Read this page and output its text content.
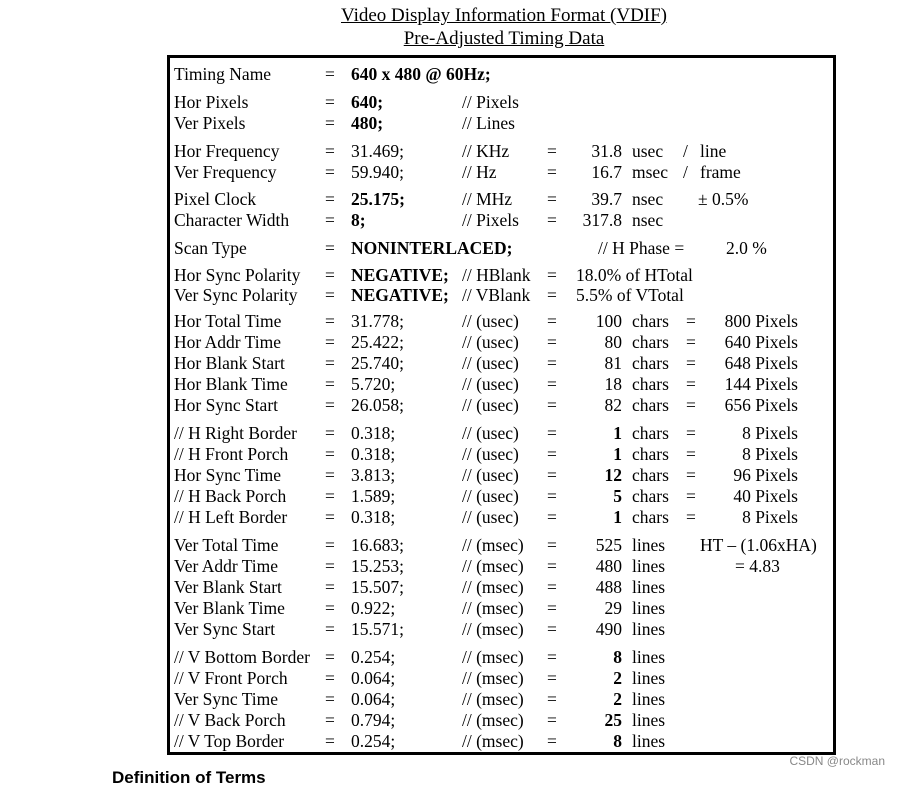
Video Display Information Format (VDIF)
Pre-Adjusted Timing Data
Timing Name	= 640 x 480 @ 60Hz;
Hor Pixels	= 640;	// Pixels
Ver Pixels	= 480;	// Lines
Hor Frequency	= 31.469;	// KHz = 31.8 usec / line
Ver Frequency	= 59.940;	// Hz	= 16.7 msec / frame
Pixel Clock	= 25.175;	// MHz = 39.7 nsec ± 0.5%
Character Width = 8;	// Pixels = 317.8 nsec
Scan Type	= NONINTERLACED;	// H Phase = 2.0 %
Hor Sync Polarity = NEGATIVE; // HBlank = 18.0% of HTotal
Ver Sync Polarity = NEGATIVE; // VBlank = 5.5% of VTotal
Hor Total Time = 31.778;	// (usec) = 100 chars = 800 Pixels
Hor Addr Time	= 25.422;	// (usec) =	80 chars = 640 Pixels
Hor Blank Start = 25.740;	// (usec) =	81 chars = 648 Pixels
Hor Blank Time = 5.720;	// (usec) =	18 chars = 144 Pixels
Hor Sync Start	= 26.058;	// (usec) =	82 chars = 656 Pixels
// H Right Border = 0.318;	// (usec) =	1 chars =	8 Pixels
// H Front Porch = 0.318;	// (usec) =	1 chars =	8 Pixels
Hor Sync Time	= 3.813;	// (usec) =	12 chars = 96 Pixels
// H Back Porch = 1.589;	// (usec) =	5 chars = 40 Pixels
// H Left Border = 0.318;	// (usec) =	1 chars =	8 Pixels
Ver Total Time	= 16.683;	// (msec) = 525 lines HT – (1.06xHA)
Ver Addr Time	= 15.253;	// (msec) = 480 lines	= 4.83
Ver Blank Start = 15.507;	// (msec) = 488 lines
Ver Blank Time = 0.922;	// (msec) =	29 lines
Ver Sync Start	= 15.571;	// (msec) = 490 lines
// V Bottom Border = 0.254;	// (msec) =	8 lines
// V Front Porch = 0.064;	// (msec) =	2 lines
Ver Sync Time	= 0.064;	// (msec) =	2 lines
// V Back Porch = 0.794;	// (msec) =	25 lines
// V Top Border = 0.254;	// (msec) =	8 lines
Definition of Terms
CSDN @rockman
